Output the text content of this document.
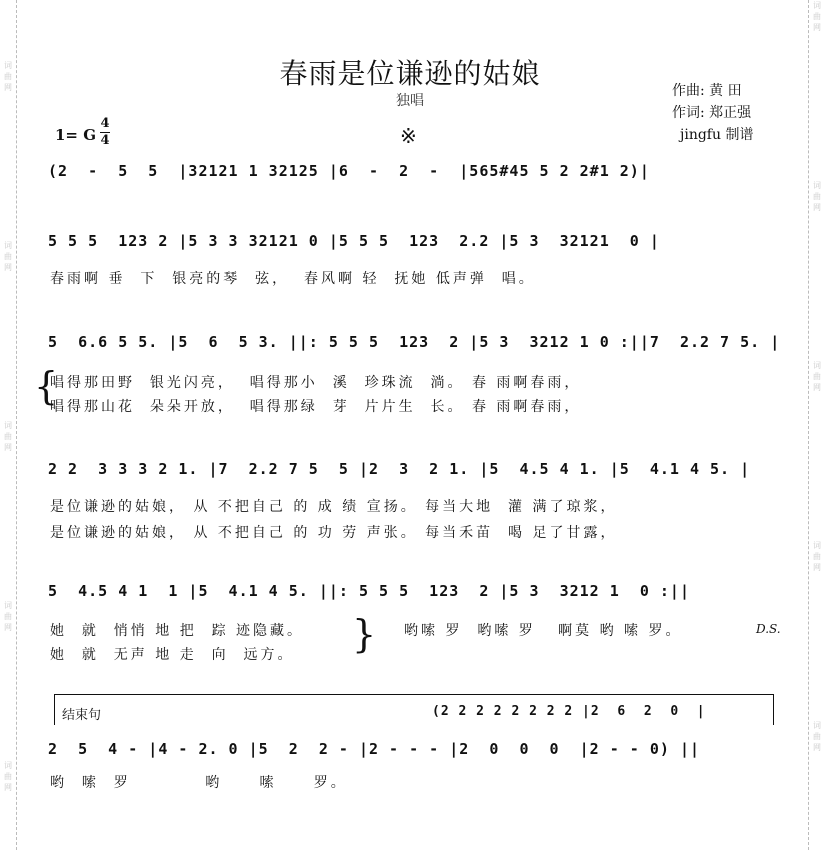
词曲网
词曲网
词曲网
词曲网
词曲网
词曲网
词曲网
词曲网
词曲网
词曲网
春雨是位谦逊的姑娘
独唱
作曲: 黄 田
作词: 郑正强
jingfu 制谱
1= G
4
4	※
(2  -  5  5  |32121 1 32125 |6  -  2  -  |565#45 5 2 2#1 2)|
5 5 5  123 2 |5 3 3 32121 0 |5 5 5  123  2.2 |5 3  32121  0 |
春雨啊 垂  下  银亮的琴  弦，  春风啊 轻  抚她 低声弹  唱。
5  6.6 5 5. |5  6  5 3. ||: 5 5 5  123  2 |5 3  3212 1 0 :||7  2.2 7 5. |
{
唱得那田野  银光闪亮，  唱得那小  溪  珍珠流  淌。 春 雨啊春雨，
唱得那山花  朵朵开放，  唱得那绿  芽  片片生  长。 春 雨啊春雨，
2 2  3 3 3 2 1. |7  2.2 7 5  5 |2  3  2 1. |5  4.5 4 1. |5  4.1 4 5. |
是位谦逊的姑娘， 从 不把自己 的 成 绩 宣扬。 每当大地  灌 满了琼浆，
是位谦逊的姑娘， 从 不把自己 的 功 劳 声张。 每当禾苗  喝 足了甘露，
5  4.5 4 1  1 |5  4.1 4 5. ||: 5 5 5  123  2 |5 3  3212 1  0 :||
她  就  悄悄 地 把  踪 迹隐藏。
她  就  无声 地 走  向  远方。 } 哟嗦 罗  哟嗦 罗   啊莫 哟 嗦 罗。	D.S.
结束句	(2 2 2 2 2 2 2 2 |2  6  2  0  |
2  5  4 - |4 - 2. 0 |5  2  2 - |2 - - - |2  0  0  0  |2 - - 0) ||
哟  嗦  罗          哟     嗦     罗。
